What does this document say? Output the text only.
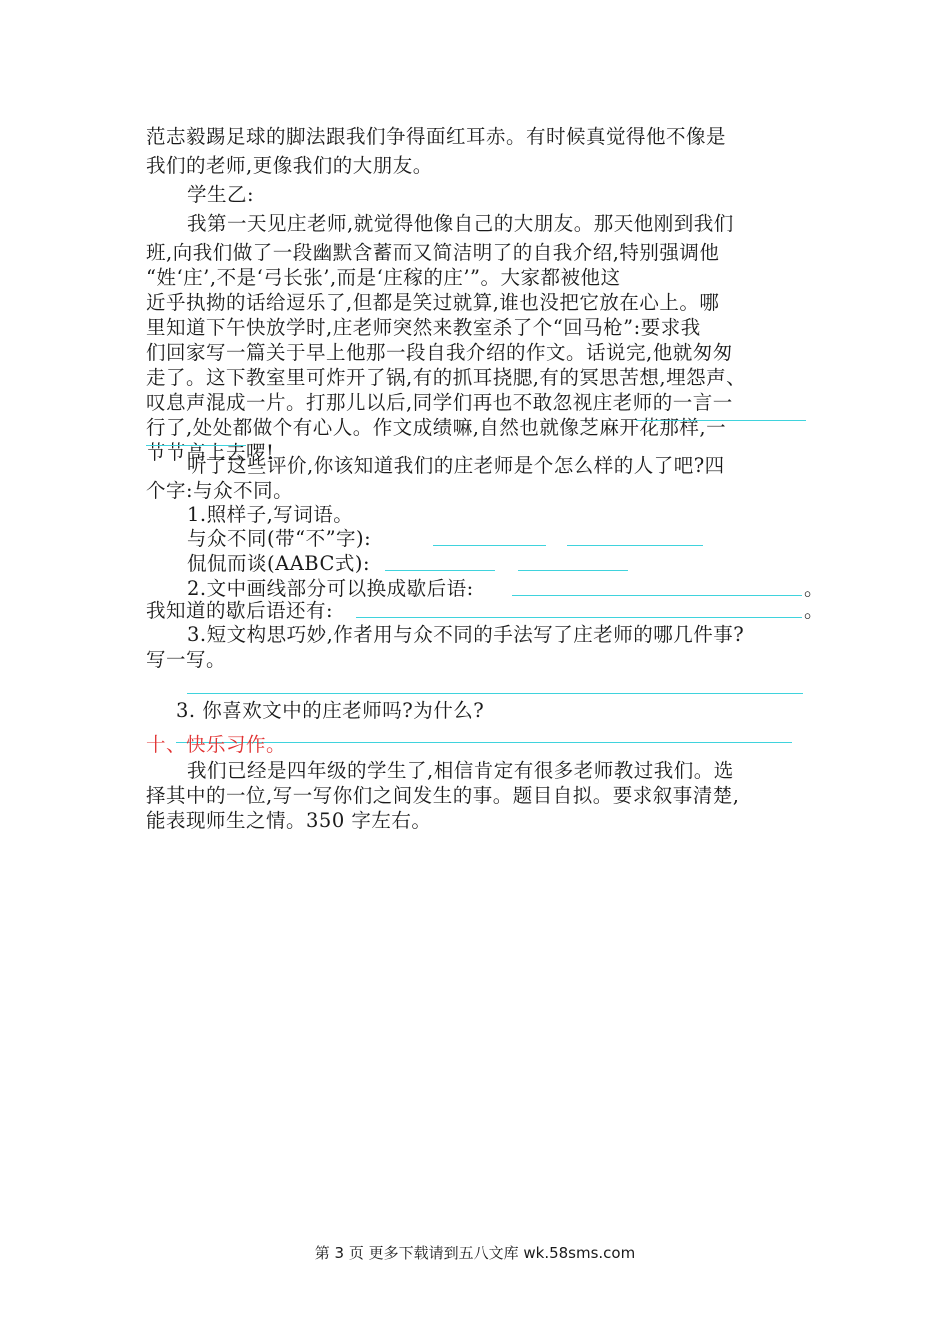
范志毅踢足球的脚法跟我们争得面红耳赤。有时候真觉得他不像是
我们的老师,更像我们的大朋友。
学生乙:
我第一天见庄老师,就觉得他像自己的大朋友。那天他刚到我们
班,向我们做了一段幽默含蓄而又简洁明了的自我介绍,特别强调他
“姓‘庄’,不是‘弓长张’,而是‘庄稼的庄’”。大家都被他这
近乎执拗的话给逗乐了,但都是笑过就算,谁也没把它放在心上。哪
里知道下午快放学时,庄老师突然来教室杀了个“回马枪”:要求我
们回家写一篇关于早上他那一段自我介绍的作文。话说完,他就匆匆
走了。这下教室里可炸开了锅,有的抓耳挠腮,有的冥思苦想,埋怨声、
叹息声混成一片。打那儿以后,同学们再也不敢忽视庄老师的一言一
行了,处处都做个有心人。作文成绩嘛,自然也就像芝麻开花那样,一
节节高上去啰!
听了这些评价,你该知道我们的庄老师是个怎么样的人了吧?四
个字:与众不同。
1.照样子,写词语。
与众不同(带“不”字):
侃侃而谈(AABC式):
2.文中画线部分可以换成歇后语:	。
我知道的歇后语还有:	。
3.短文构思巧妙,作者用与众不同的手法写了庄老师的哪几件事?
写一写。
3. 你喜欢文中的庄老师吗?为什么?
十、快乐习作。
我们已经是四年级的学生了,相信肯定有很多老师教过我们。选
择其中的一位,写一写你们之间发生的事。题目自拟。要求叙事清楚,
能表现师生之情。350 字左右。
第 3 页 更多下载请到五八文库 wk.58sms.com
